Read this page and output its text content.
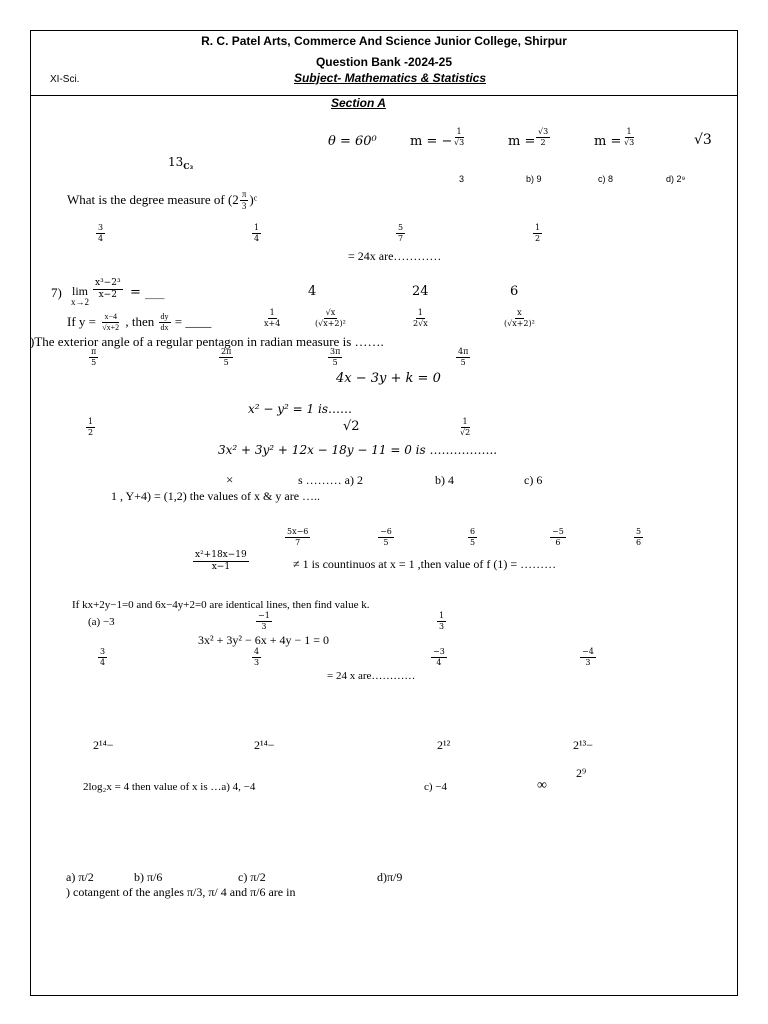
R. C. Patel Arts, Commerce And Science Junior College, Shirpur
Question Bank -2024-25
XI-Sci.	Subject- Mathematics & Statistics
Section A
θ = 60⁰	m = − $\frac{1}{√3}$	$m = \frac{√3}{2}$	$m = \frac{1}{√3}$	√3
$13_{C_3}$
3	b) 9	c) 8	d) 2⁹
What is the degree measure of ($2 \frac{\pi}{3}$ )ᶜ
$\frac{3}{4}$	$\frac{1}{4}$	$\frac{5}{7}$	$\frac{1}{2}$
= 24x are…………
7) lim
x→2
$\frac{\text{x³−2³}}{x-2}$ = ___	4	24	6
If $y = \frac{x-4}{√x+2}$ , then $\frac{dy}{dx}$ = ____	$\frac{1}{x+4}$	$\frac{√x}{\text{(√x+2)²}}$	$\frac{1}{2√x}$	$\frac{x}{\text{(√x+2)²}}$
)The exterior angle of a regular pentagon in radian measure is …….
$\frac{\pi}{5}$	$\frac{2\pi}{5}$	$\frac{3\pi}{5}$	$\frac{4\pi}{5}$
4x − 3y + k = 0
x² − y² = 1 is……
$\frac{1}{2}$	√2	$\frac{1}{√2}$
3x² + 3y² + 12x − 18y − 11 = 0 is ……………..
×	s ……… a) 2	b) 4	c) 6
1 , Y+4) = (1,2) the values of x & y are …..
$\frac{5x-6}{7}$	$\frac{-6}{5}$	$\frac{6}{5}$	$\frac{-5}{6}$	$\frac{5}{6}$
$\frac{\text{x²+18x−19}}{x-1}$	≠ 1 is countinuos at x = 1 ,then value of f (1) = ………
If kx+2y−1=0 and 6x−4y+2=0 are identical lines, then find value k.
(a) −3	$\frac{-1}{3}$	$\frac{1}{3}$
3x² + 3y² − 6x + 4y − 1 = 0
$\frac{3}{4}$	$\frac{4}{3}$	$\frac{-3}{4}$	$\frac{-4}{3}$
= 24 x are…………
2¹⁴−	2¹⁴−	2¹²	2¹³−
2⁹
2log₂x = 4 then value of x is …a) 4, −4	c) −4	∞
a) π/2	b) π/6	c) π/2	d)π/9
) cotangent of the angles π/3, π/ 4 and π/6 are in
